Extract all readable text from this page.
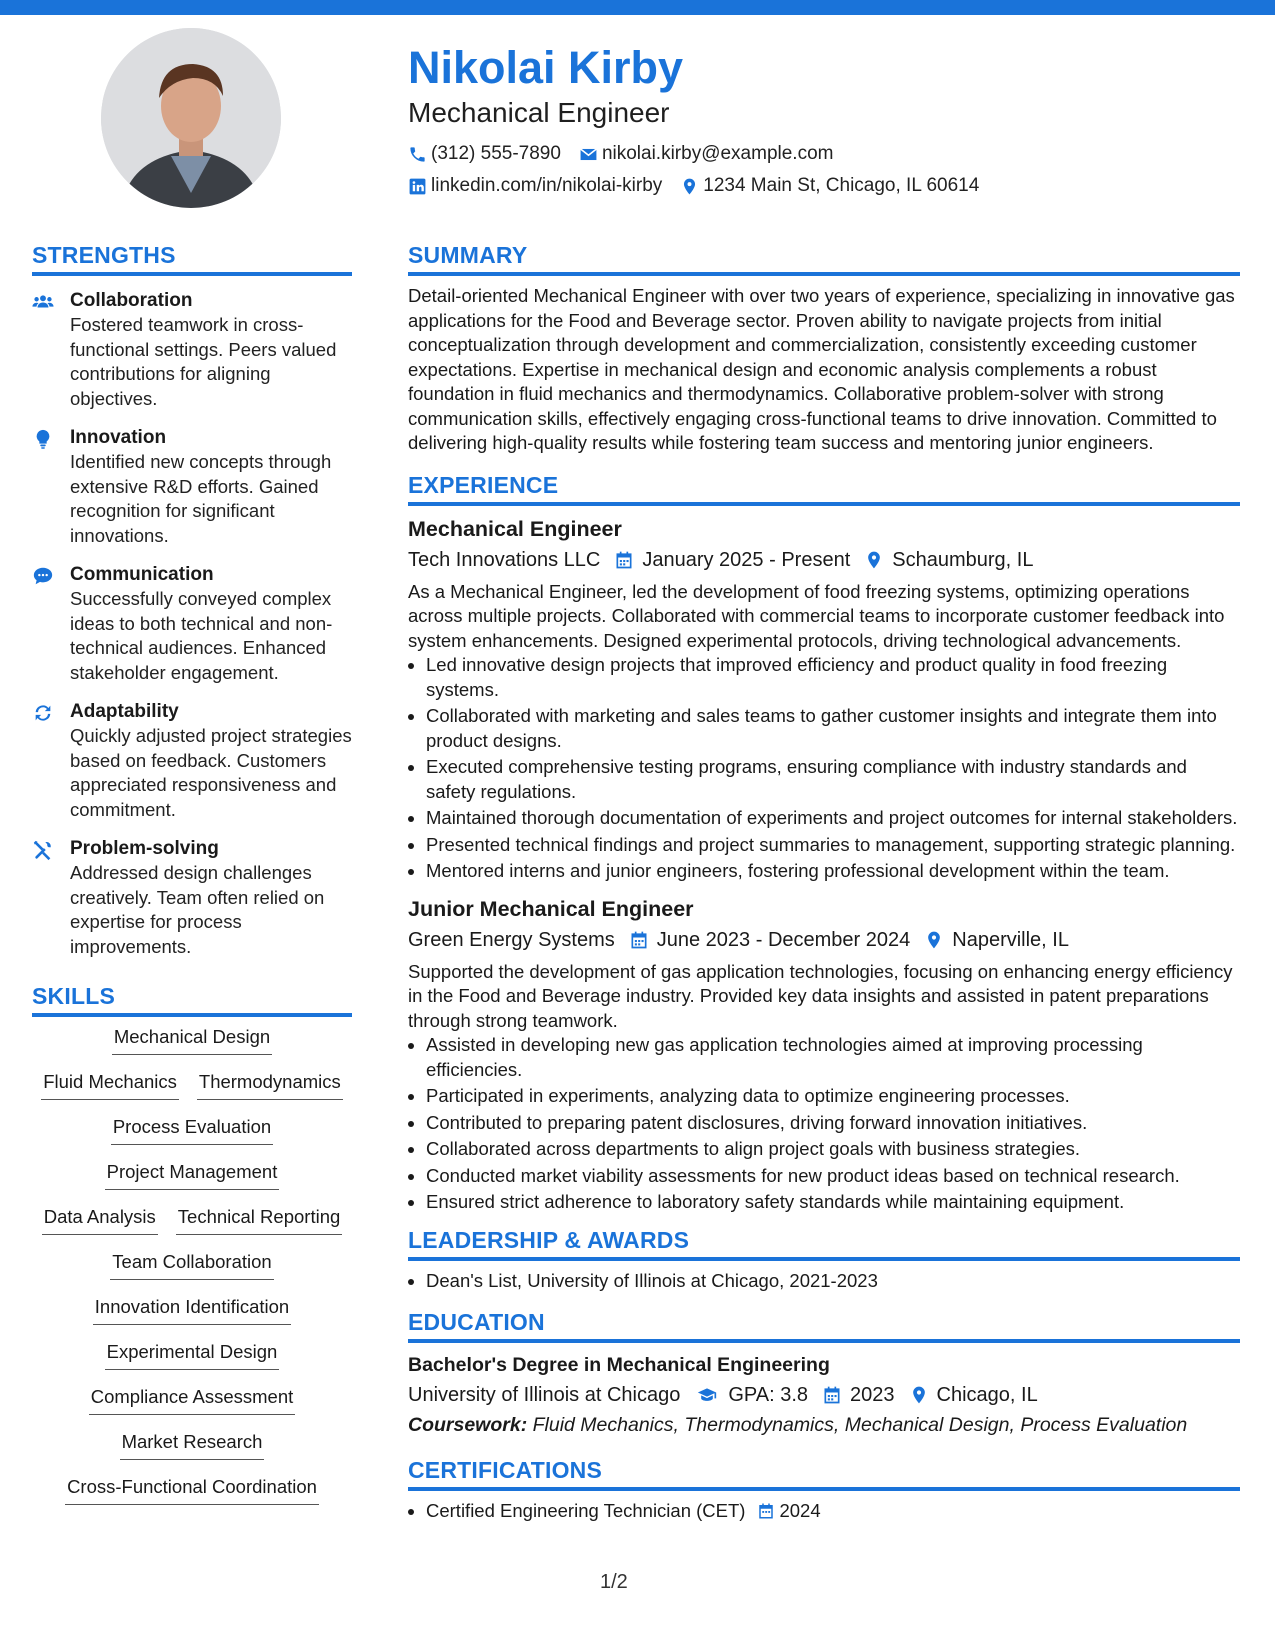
Nikolai Kirby
Mechanical Engineer
(312) 555-7890 nikolai.kirby@example.com
linkedin.com/in/nikolai-kirby 1234 Main St, Chicago, IL 60614
STRENGTHS
Collaboration
Fostered teamwork in cross-functional settings. Peers valued contributions for aligning objectives.
Innovation
Identified new concepts through extensive R&D efforts. Gained recognition for significant innovations.
Communication
Successfully conveyed complex ideas to both technical and non-technical audiences. Enhanced stakeholder engagement.
Adaptability
Quickly adjusted project strategies based on feedback. Customers appreciated responsiveness and commitment.
Problem-solving
Addressed design challenges creatively. Team often relied on expertise for process improvements.
SKILLS
Mechanical Design
Fluid Mechanics Thermodynamics
Process Evaluation
Project Management
Data Analysis Technical Reporting
Team Collaboration
Innovation Identification
Experimental Design
Compliance Assessment
Market Research
Cross-Functional Coordination
SUMMARY

Detail-oriented Mechanical Engineer with over two years of experience, specializing in innovative gas applications for the Food and Beverage sector. Proven ability to navigate projects from initial conceptualization through development and commercialization, consistently exceeding customer expectations. Expertise in mechanical design and economic analysis complements a robust foundation in fluid mechanics and thermodynamics. Collaborative problem-solver with strong communication skills, effectively engaging cross-functional teams to drive innovation. Committed to delivering high-quality results while fostering team success and mentoring junior engineers.

EXPERIENCE
Mechanical Engineer
Tech Innovations LLC January 2025 - Present Schaumburg, IL

As a Mechanical Engineer, led the development of food freezing systems, optimizing operations across multiple projects. Collaborated with commercial teams to incorporate customer feedback into system enhancements. Designed experimental protocols, driving technological advancements.

• Led innovative design projects that improved efficiency and product quality in food freezing systems.
• Collaborated with marketing and sales teams to gather customer insights and integrate them into product designs.
• Executed comprehensive testing programs, ensuring compliance with industry standards and safety regulations.
• Maintained thorough documentation of experiments and project outcomes for internal stakeholders.
• Presented technical findings and project summaries to management, supporting strategic planning.
• Mentored interns and junior engineers, fostering professional development within the team.
Junior Mechanical Engineer
Green Energy Systems June 2023 - December 2024 Naperville, IL

Supported the development of gas application technologies, focusing on enhancing energy efficiency in the Food and Beverage industry. Provided key data insights and assisted in patent preparations through strong teamwork.

• Assisted in developing new gas application technologies aimed at improving processing efficiencies.
• Participated in experiments, analyzing data to optimize engineering processes.
• Contributed to preparing patent disclosures, driving forward innovation initiatives.
• Collaborated across departments to align project goals with business strategies.
• Conducted market viability assessments for new product ideas based on technical research.
• Ensured strict adherence to laboratory safety standards while maintaining equipment.
LEADERSHIP & AWARDS
• Dean's List, University of Illinois at Chicago, 2021-2023
EDUCATION
Bachelor's Degree in Mechanical Engineering
University of Illinois at Chicago GPA: 3.8 2023 Chicago, IL

Coursework: Fluid Mechanics, Thermodynamics, Mechanical Design, Process Evaluation

CERTIFICATIONS
• Certified Engineering Technician (CET) 2024
1/2
